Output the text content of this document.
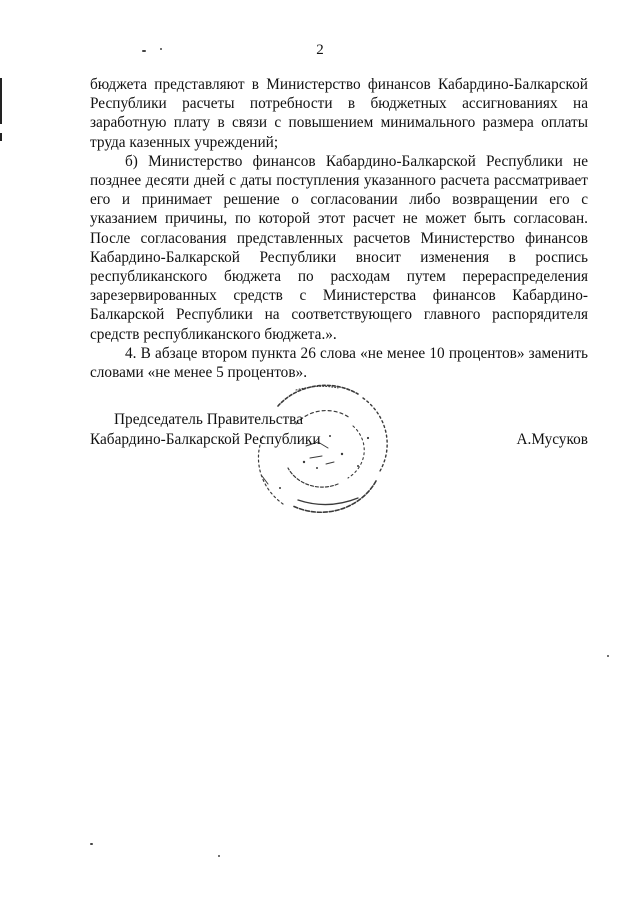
2

бюджета представляют в Министерство финансов Кабардино-Балкарской Республики расчеты потребности в бюджетных ассигнованиях на заработную плату в связи с повышением минимального размера оплаты труда казенных учреждений;

б) Министерство финансов Кабардино-Балкарской Республики не позднее десяти дней с даты поступления указанного расчета рассматривает его и принимает решение о согласовании либо возвращении его с указанием причины, по которой этот расчет не может быть согласован. После согласования представленных расчетов Министерство финансов Кабардино-Балкарской Республики вносит изменения в роспись республиканского бюджета по расходам путем перераспределения зарезервированных средств с Министерства финансов Кабардино-Балкарской Республики на соответствующего главного распорядителя средств республиканского бюджета.».

4. В абзаце втором пункта 26 слова «не менее 10 процентов» заменить словами «не менее 5 процентов».

Председатель Правительства
Кабардино-Балкарской Республики	А.Мусуков
